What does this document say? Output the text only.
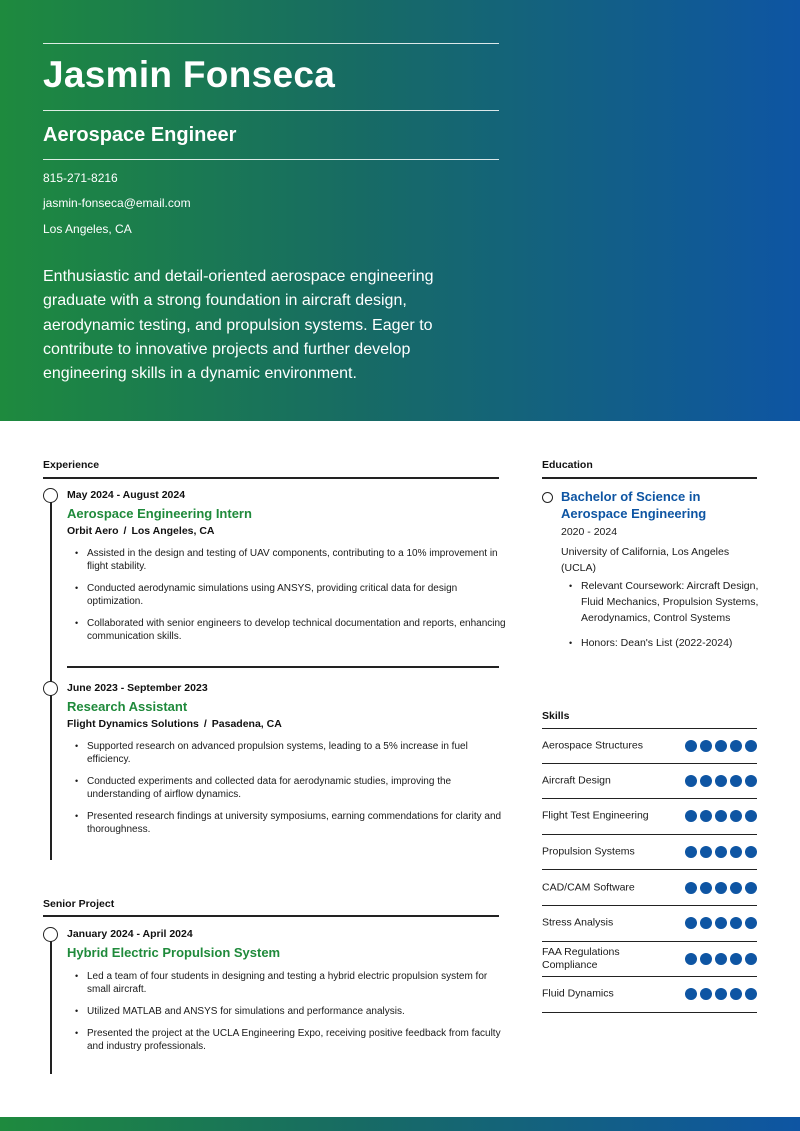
Jasmin Fonseca
Aerospace Engineer
815-271-8216
jasmin-fonseca@email.com
Los Angeles, CA
Enthusiastic and detail-oriented aerospace engineering graduate with a strong foundation in aircraft design, aerodynamic testing, and propulsion systems. Eager to contribute to innovative projects and further develop engineering skills in a dynamic environment.
Experience
May 2024 - August 2024
Aerospace Engineering Intern
Orbit Aero / Los Angeles, CA
• Assisted in the design and testing of UAV components, contributing to a 10% improvement in flight stability.
• Conducted aerodynamic simulations using ANSYS, providing critical data for design optimization.
• Collaborated with senior engineers to develop technical documentation and reports, enhancing communication skills.
June 2023 - September 2023
Research Assistant
Flight Dynamics Solutions / Pasadena, CA
• Supported research on advanced propulsion systems, leading to a 5% increase in fuel efficiency.
• Conducted experiments and collected data for aerodynamic studies, improving the understanding of airflow dynamics.
• Presented research findings at university symposiums, earning commendations for clarity and thoroughness.
Senior Project
January 2024 - April 2024
Hybrid Electric Propulsion System
• Led a team of four students in designing and testing a hybrid electric propulsion system for small aircraft.
• Utilized MATLAB and ANSYS for simulations and performance analysis.
• Presented the project at the UCLA Engineering Expo, receiving positive feedback from faculty and industry professionals.
Education
Bachelor of Science in Aerospace Engineering
2020 - 2024
University of California, Los Angeles (UCLA)
• Relevant Coursework: Aircraft Design, Fluid Mechanics, Propulsion Systems, Aerodynamics, Control Systems
• Honors: Dean's List (2022-2024)
Skills
Aerospace Structures
Aircraft Design
Flight Test Engineering
Propulsion Systems
CAD/CAM Software
Stress Analysis
FAA Regulations Compliance
Fluid Dynamics
